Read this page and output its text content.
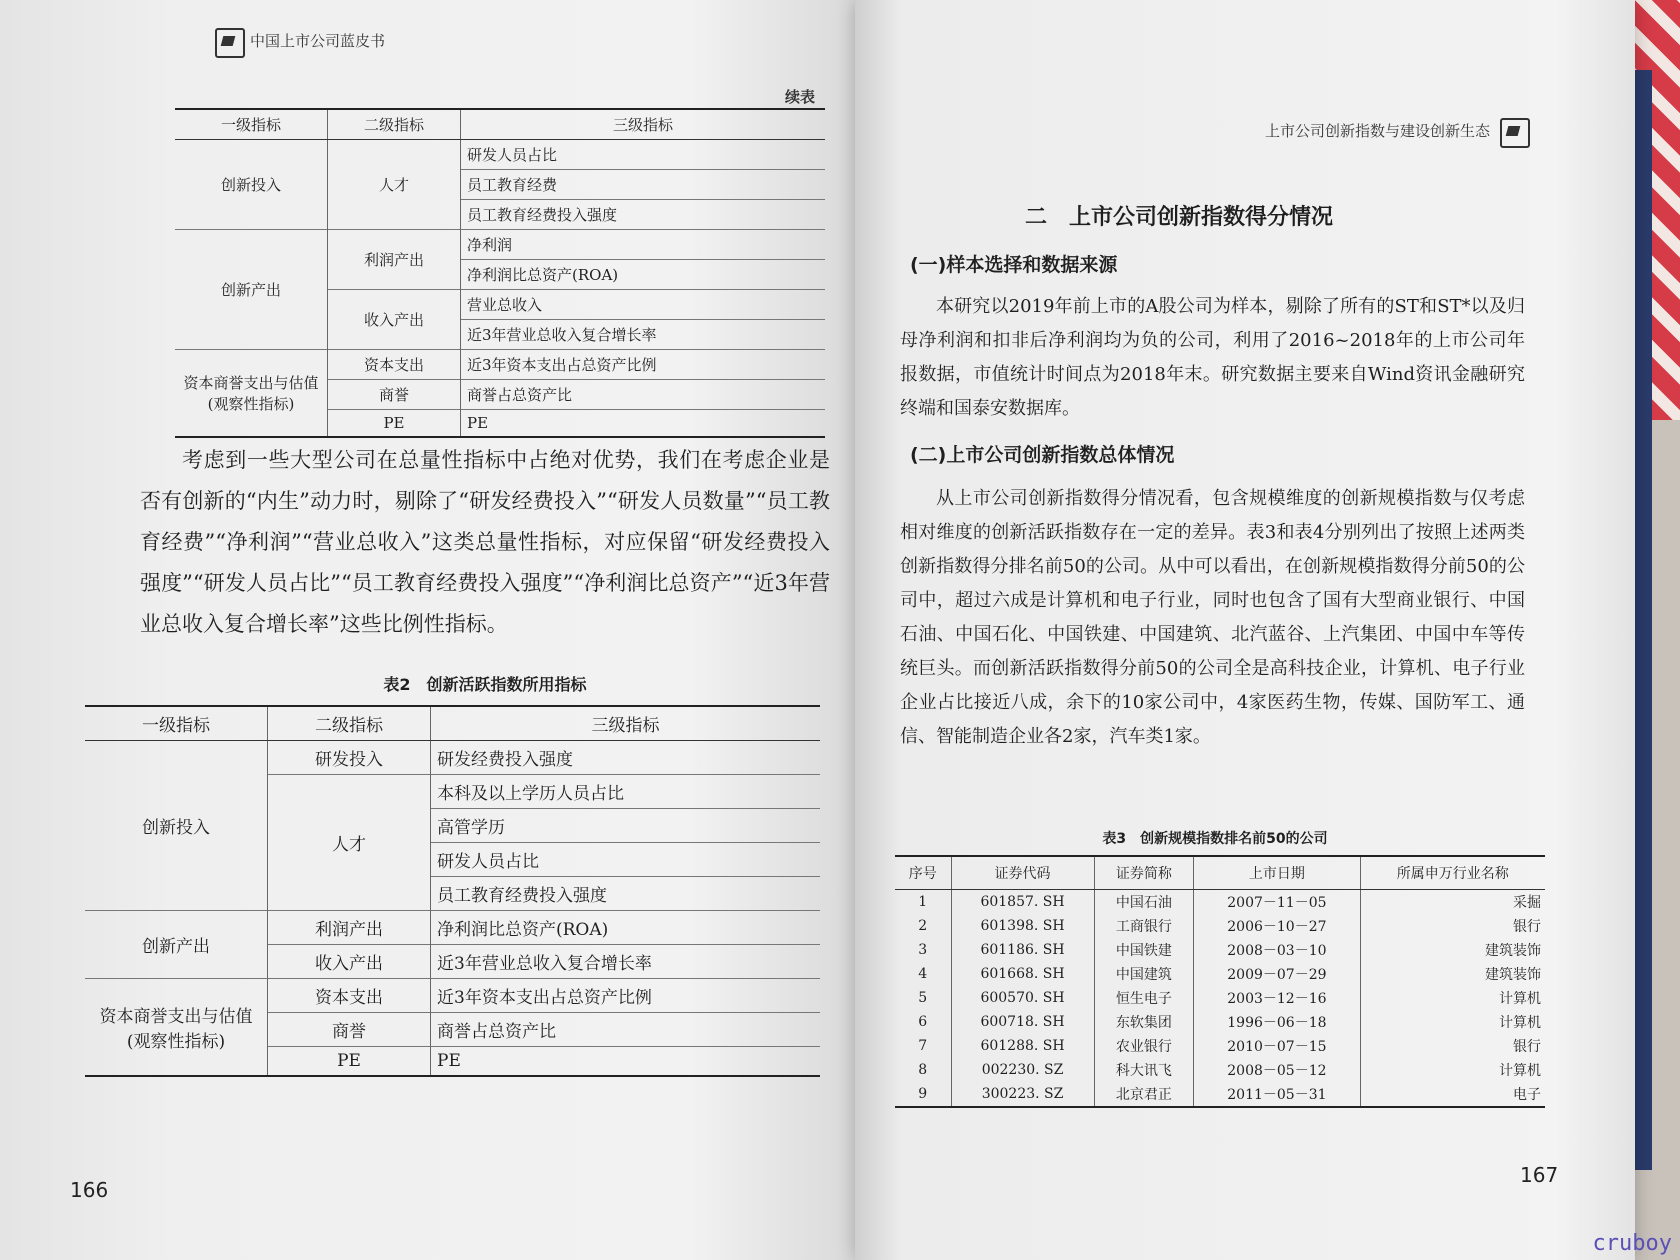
中国上市公司蓝皮书
续表
一级指标	二级指标	三级指标
创新投入	人才	研发人员占比
		员工教育经费
		员工教育经费投入强度
创新产出	利润产出	净利润
		净利润比总资产(ROA)
	收入产出	营业总收入
		近3年营业总收入复合增长率
资本商誉支出与估值
(观察性指标)	资本支出	近3年资本支出占总资产比例
	商誉	商誉占总资产比
	PE	PE
考虑到一些大型公司在总量性指标中占绝对优势，我们在考虑企业是否有创新的“内生”动力时，剔除了“研发经费投入”“研发人员数量”“员工教育经费”“净利润”“营业总收入”这类总量性指标，对应保留“研发经费投入强度”“研发人员占比”“员工教育经费投入强度”“净利润比总资产”“近3年营业总收入复合增长率”这些比例性指标。
表2　创新活跃指数所用指标
一级指标	二级指标	三级指标
创新投入	研发投入	研发经费投入强度
	人才	本科及以上学历人员占比
		高管学历
		研发人员占比
		员工教育经费投入强度
创新产出	利润产出	净利润比总资产(ROA)
	收入产出	近3年营业总收入复合增长率
资本商誉支出与估值
(观察性指标)	资本支出	近3年资本支出占总资产比例
	商誉	商誉占总资产比
	PE	PE
166
上市公司创新指数与建设创新生态
二　上市公司创新指数得分情况
(一)样本选择和数据来源
本研究以2019年前上市的A股公司为样本，剔除了所有的ST和ST*以及归母净利润和扣非后净利润均为负的公司，利用了2016~2018年的上市公司年报数据，市值统计时间点为2018年末。研究数据主要来自Wind资讯金融研究终端和国泰安数据库。
(二)上市公司创新指数总体情况
从上市公司创新指数得分情况看，包含规模维度的创新规模指数与仅考虑相对维度的创新活跃指数存在一定的差异。表3和表4分别列出了按照上述两类创新指数得分排名前50的公司。从中可以看出，在创新规模指数得分前50的公司中，超过六成是计算机和电子行业，同时也包含了国有大型商业银行、中国石油、中国石化、中国铁建、中国建筑、北汽蓝谷、上汽集团、中国中车等传统巨头。而创新活跃指数得分前50的公司全是高科技企业，计算机、电子行业企业占比接近八成，余下的10家公司中，4家医药生物，传媒、国防军工、通信、智能制造企业各2家，汽车类1家。
表3　创新规模指数排名前50的公司
序号	证券代码	证券简称	上市日期	所属申万行业名称
1	601857. SH	中国石油	2007－11－05	采掘
2	601398. SH	工商银行	2006－10－27	银行
3	601186. SH	中国铁建	2008－03－10	建筑装饰
4	601668. SH	中国建筑	2009－07－29	建筑装饰
5	600570. SH	恒生电子	2003－12－16	计算机
6	600718. SH	东软集团	1996－06－18	计算机
7	601288. SH	农业银行	2010－07－15	银行
8	002230. SZ	科大讯飞	2008－05－12	计算机
9	300223. SZ	北京君正	2011－05－31	电子
167
cruboy
